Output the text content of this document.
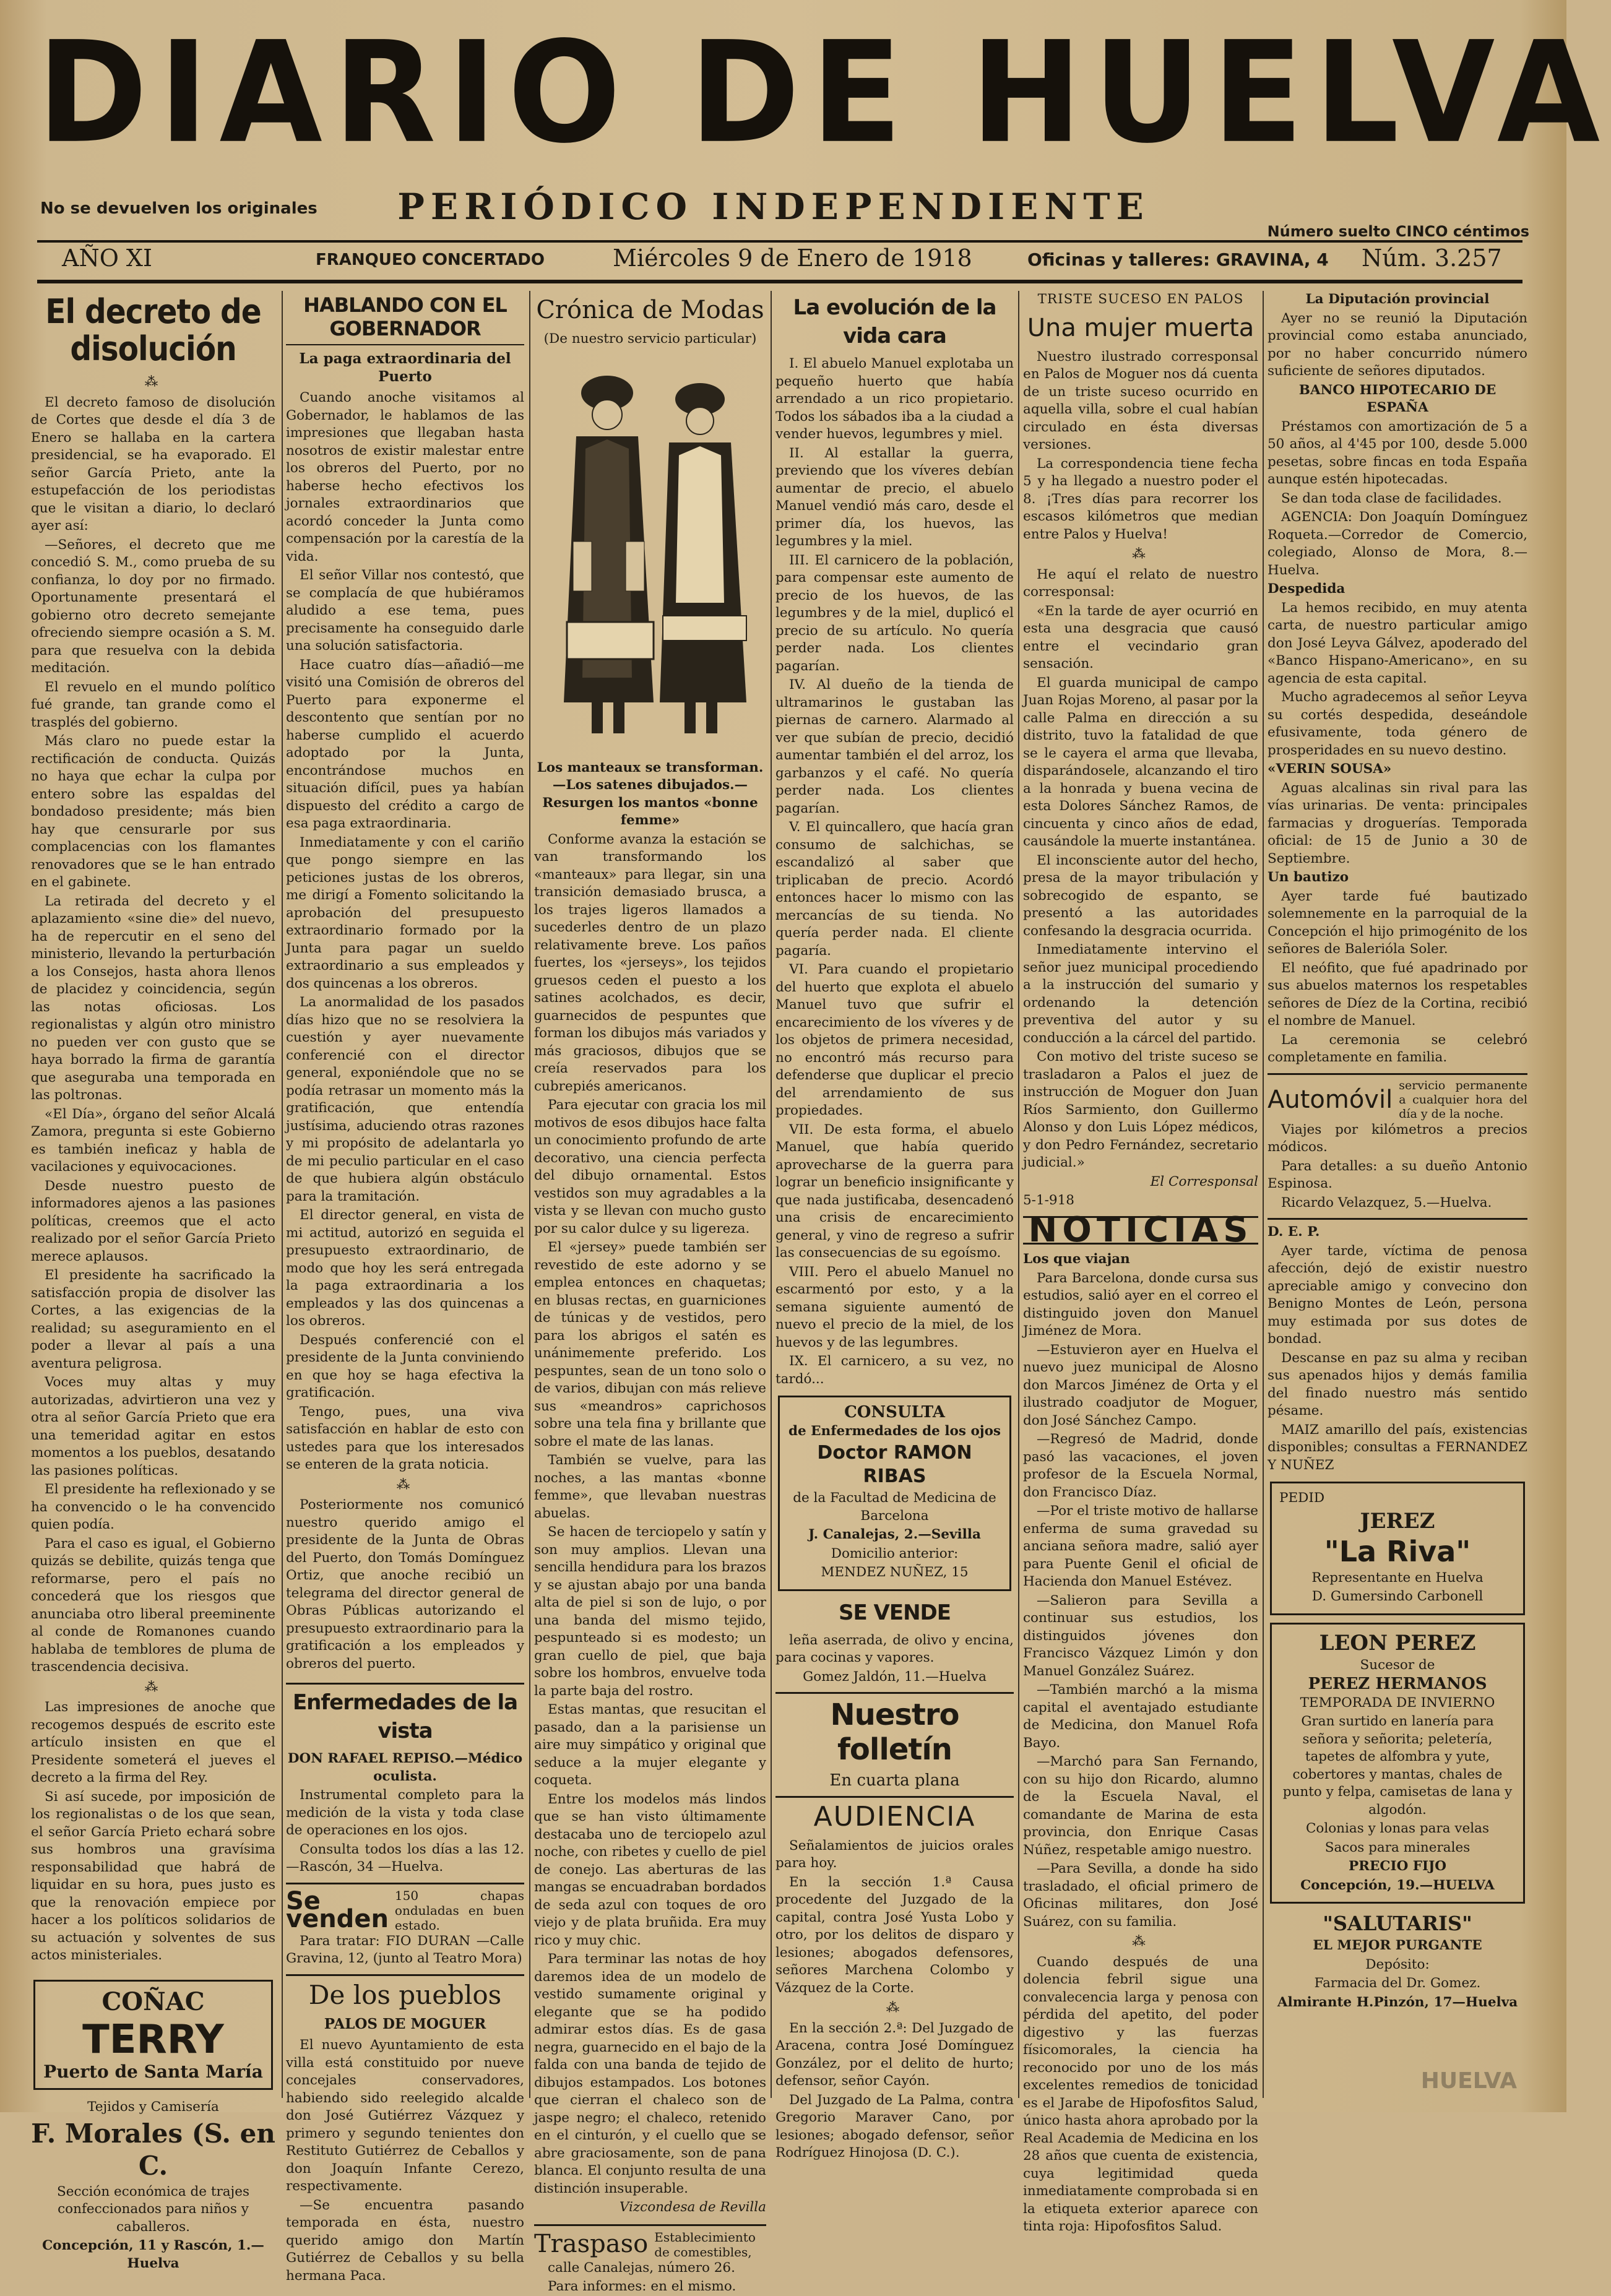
DIARIO DE HUELVA
No se devuelven los originales	PERIÓDICO INDEPENDIENTE
Número suelto CINCO céntimos
AÑO XI	FRANQUEO CONCERTADO	Miércoles 9 de Enero de 1918	Oficinas y talleres: GRAVINA, 4 Núm. 3.257
El decreto de disolución
⁂

El decreto famoso de disolución de Cortes que desde el día 3 de Enero se hallaba en la cartera presidencial, se ha evaporado. El señor García Prieto, ante la estupefacción de los periodistas que le visitan a diario, lo declaró ayer así:

—Señores, el decreto que me concedió S. M., como prueba de su confianza, lo doy por no firmado. Oportunamente presentará el gobierno otro decreto semejante ofreciendo siempre ocasión a S. M. para que resuelva con la debida meditación.

El revuelo en el mundo político fué grande, tan grande como el trasplés del gobierno.

Más claro no puede estar la rectificación de conducta. Quizás no haya que echar la culpa por entero sobre las espaldas del bondadoso presidente; más bien hay que censurarle por sus complacencias con los flamantes renovadores que se le han entrado en el gabinete.

La retirada del decreto y el aplazamiento «sine die» del nuevo, ha de repercutir en el seno del ministerio, llevando la perturbación a los Consejos, hasta ahora llenos de placidez y coincidencia, según las notas oficiosas. Los regionalistas y algún otro ministro no pueden ver con gusto que se haya borrado la firma de garantía que aseguraba una temporada en las poltronas.

«El Día», órgano del señor Alcalá Zamora, pregunta si este Gobierno es también ineficaz y habla de vacilaciones y equivocaciones.

Desde nuestro puesto de informadores ajenos a las pasiones políticas, creemos que el acto realizado por el señor García Prieto merece aplausos.

El presidente ha sacrificado la satisfacción propia de disolver las Cortes, a las exigencias de la realidad; su aseguramiento en el poder a llevar al país a una aventura peligrosa.

Voces muy altas y muy autorizadas, advirtieron una vez y otra al señor García Prieto que era una temeridad agitar en estos momentos a los pueblos, desatando las pasiones políticas.

El presidente ha reflexionado y se ha convencido o le ha convencido quien podía.

Para el caso es igual, el Gobierno quizás se debilite, quizás tenga que reformarse, pero el país no concederá que los riesgos que anunciaba otro liberal preeminente al conde de Romanones cuando hablaba de temblores de pluma de trascendencia decisiva.

⁂

Las impresiones de anoche que recogemos después de escrito este artículo insisten en que el Presidente someterá el jueves el decreto a la firma del Rey.

Si así sucede, por imposición de los regionalistas o de los que sean, el señor García Prieto echará sobre sus hombros una gravísima responsabilidad que habrá de liquidar en su hora, pues justo es que la renovación empiece por hacer a los políticos solidarios de su actuación y solventes de sus actos ministeriales.

COÑAC

TERRY

Puerto de Santa María

Tejidos y Camisería

F. Morales (S. en C.

Sección económica de trajes confeccionados para niños y caballeros.

Concepción, 11 y Rascón, 1.—Huelva

HABLANDO CON EL GOBERNADOR
La paga extraordinaria del Puerto

Cuando anoche visitamos al Gobernador, le hablamos de las impresiones que llegaban hasta nosotros de existir malestar entre los obreros del Puerto, por no haberse hecho efectivos los jornales extraordinarios que acordó conceder la Junta como compensación por la carestía de la vida.

El señor Villar nos contestó, que se complacía de que hubiéramos aludido a ese tema, pues precisamente ha conseguido darle una solución satisfactoria.

Hace cuatro días—añadió—me visitó una Comisión de obreros del Puerto para exponerme el descontento que sentían por no haberse cumplido el acuerdo adoptado por la Junta, encontrándose muchos en situación difícil, pues ya habían dispuesto del crédito a cargo de esa paga extraordinaria.

Inmediatamente y con el cariño que pongo siempre en las peticiones justas de los obreros, me dirigí a Fomento solicitando la aprobación del presupuesto extraordinario formado por la Junta para pagar un sueldo extraordinario a sus empleados y dos quincenas a los obreros.

La anormalidad de los pasados días hizo que no se resolviera la cuestión y ayer nuevamente conferencié con el director general, exponiéndole que no se podía retrasar un momento más la gratificación, que entendía justísima, aduciendo otras razones y mi propósito de adelantarla yo de mi peculio particular en el caso de que hubiera algún obstáculo para la tramitación.

El director general, en vista de mi actitud, autorizó en seguida el presupuesto extraordinario, de modo que hoy les será entregada la paga extraordinaria a los empleados y las dos quincenas a los obreros.

Después conferencié con el presidente de la Junta conviniendo en que hoy se haga efectiva la gratificación.

Tengo, pues, una viva satisfacción en hablar de esto con ustedes para que los interesados se enteren de la grata noticia.

⁂

Posteriormente nos comunicó nuestro querido amigo el presidente de la Junta de Obras del Puerto, don Tomás Domínguez Ortiz, que anoche recibió un telegrama del director general de Obras Públicas autorizando el presupuesto extraordinario para la gratificación a los empleados y obreros del puerto.

Enfermedades de la vista

DON RAFAEL REPISO.—Médico oculista.

Instrumental completo para la medición de la vista y toda clase de operaciones en los ojos.

Consulta todos los días a las 12.—Rascón, 34 —Huelva.

Se venden
150 chapas onduladas en buen estado.

Para tratar: FIO DURAN —Calle Gravina, 12, (junto al Teatro Mora)

De los pueblos
PALOS DE MOGUER

El nuevo Ayuntamiento de esta villa está constituido por nueve concejales conservadores, habiendo sido reelegido alcalde don José Gutiérrez Vázquez y primero y segundo tenientes don Restituto Gutiérrez de Ceballos y don Joaquín Infante Cerezo, respectivamente.

—Se encuentra pasando temporada en ésta, nuestro querido amigo don Martín Gutiérrez de Ceballos y su bella hermana Paca.

Crónica de Modas

(De nuestro servicio particular)

Los manteaux se transforman.—Los satenes dibujados.—Resurgen los mantos «bonne femme»

Conforme avanza la estación se van transformando los «manteaux» para llegar, sin una transición demasiado brusca, a los trajes ligeros llamados a sucederles dentro de un plazo relativamente breve. Los paños fuertes, los «jerseys», los tejidos gruesos ceden el puesto a los satines acolchados, es decir, guarnecidos de pespuntes que forman los dibujos más variados y más graciosos, dibujos que se creía reservados para los cubrepiés americanos.

Para ejecutar con gracia los mil motivos de esos dibujos hace falta un conocimiento profundo de arte decorativo, una ciencia perfecta del dibujo ornamental. Estos vestidos son muy agradables a la vista y se llevan con mucho gusto por su calor dulce y su ligereza.

El «jersey» puede también ser revestido de este adorno y se emplea entonces en chaquetas; en blusas rectas, en guarniciones de túnicas y de vestidos, pero para los abrigos el satén es unánimemente preferido. Los pespuntes, sean de un tono solo o de varios, dibujan con más relieve sus «meandros» caprichosos sobre una tela fina y brillante que sobre el mate de las lanas.

También se vuelve, para las noches, a las mantas «bonne femme», que llevaban nuestras abuelas.

Se hacen de terciopelo y satín y son muy amplios. Llevan una sencilla hendidura para los brazos y se ajustan abajo por una banda alta de piel si son de lujo, o por una banda del mismo tejido, pespunteado si es modesto; un gran cuello de piel, que baja sobre los hombros, envuelve toda la parte baja del rostro.

Estas mantas, que resucitan el pasado, dan a la parisiense un aire muy simpático y original que seduce a la mujer elegante y coqueta.

Entre los modelos más lindos que se han visto últimamente destacaba uno de terciopelo azul noche, con ribetes y cuello de piel de conejo. Las aberturas de las mangas se encuadraban bordados de seda azul con toques de oro viejo y de plata bruñida. Era muy rico y muy chic.

Para terminar las notas de hoy daremos idea de un modelo de vestido sumamente original y elegante que se ha podido admirar estos días. Es de gasa negra, guarnecido en el bajo de la falda con una banda de tejido de dibujos estampados. Los botones que cierran el chaleco son de jaspe negro; el chaleco, retenido en el cinturón, y el cuello que se abre graciosamente, son de pana blanca. El conjunto resulta de una distinción insuperable.

Vizcondesa de Revilla

Traspaso Establecimiento de comestibles,

calle Canalejas, número 26.

Para informes: en el mismo.

La evolución de la vida cara

I. El abuelo Manuel explotaba un pequeño huerto que había arrendado a un rico propietario. Todos los sábados iba a la ciudad a vender huevos, legumbres y miel.

II. Al estallar la guerra, previendo que los víveres debían aumentar de precio, el abuelo Manuel vendió más caro, desde el primer día, los huevos, las legumbres y la miel.

III. El carnicero de la población, para compensar este aumento de precio de los huevos, de las legumbres y de la miel, duplicó el precio de su artículo. No quería perder nada. Los clientes pagarían.

IV. Al dueño de la tienda de ultramarinos le gustaban las piernas de carnero. Alarmado al ver que subían de precio, decidió aumentar también el del arroz, los garbanzos y el café. No quería perder nada. Los clientes pagarían.

V. El quincallero, que hacía gran consumo de salchichas, se escandalizó al saber que triplicaban de precio. Acordó entonces hacer lo mismo con las mercancías de su tienda. No quería perder nada. El cliente pagaría.

VI. Para cuando el propietario del huerto que explota el abuelo Manuel tuvo que sufrir el encarecimiento de los víveres y de los objetos de primera necesidad, no encontró más recurso para defenderse que duplicar el precio del arrendamiento de sus propiedades.

VII. De esta forma, el abuelo Manuel, que había querido aprovecharse de la guerra para lograr un beneficio insignificante y que nada justificaba, desencadenó una crisis de encarecimiento general, y vino de regreso a sufrir las consecuencias de su egoísmo.

VIII. Pero el abuelo Manuel no escarmentó por esto, y a la semana siguiente aumentó de nuevo el precio de la miel, de los huevos y de las legumbres.

IX. El carnicero, a su vez, no tardó...

CONSULTA

de Enfermedades de los ojos

Doctor RAMON RIBAS

de la Facultad de Medicina de Barcelona

J. Canalejas, 2.—Sevilla

Domicilio anterior:

MENDEZ NUÑEZ, 15

SE VENDE

leña aserrada, de olivo y encina, para cocinas y vapores.

Gomez Jaldón, 11.—Huelva

Nuestro folletín

En cuarta plana

AUDIENCIA

Señalamientos de juicios orales para hoy.

En la sección 1.ª Causa procedente del Juzgado de la capital, contra José Yusta Lobo y otro, por los delitos de disparo y lesiones; abogados defensores, señores Marchena Colombo y Vázquez de la Corte.

⁂

En la sección 2.ª: Del Juzgado de Aracena, contra José Domínguez González, por el delito de hurto; defensor, señor Cayón.

Del Juzgado de La Palma, contra Gregorio Maraver Cano, por lesiones; abogado defensor, señor Rodríguez Hinojosa (D. C.).

TRISTE SUCESO EN PALOS

Una mujer muerta

Nuestro ilustrado corresponsal en Palos de Moguer nos dá cuenta de un triste suceso ocurrido en aquella villa, sobre el cual habían circulado en ésta diversas versiones.

La correspondencia tiene fecha 5 y ha llegado a nuestro poder el 8. ¡Tres días para recorrer los escasos kilómetros que median entre Palos y Huelva!

⁂

He aquí el relato de nuestro corresponsal:

«En la tarde de ayer ocurrió en esta una desgracia que causó entre el vecindario gran sensación.

El guarda municipal de campo Juan Rojas Moreno, al pasar por la calle Palma en dirección a su distrito, tuvo la fatalidad de que se le cayera el arma que llevaba, disparándosele, alcanzando el tiro a la honrada y buena vecina de esta Dolores Sánchez Ramos, de cincuenta y cinco años de edad, causándole la muerte instantánea.

El inconsciente autor del hecho, presa de la mayor tribulación y sobrecogido de espanto, se presentó a las autoridades confesando la desgracia ocurrida.

Inmediatamente intervino el señor juez municipal procediendo a la instrucción del sumario y ordenando la detención preventiva del autor y su conducción a la cárcel del partido.

Con motivo del triste suceso se trasladaron a Palos el juez de instrucción de Moguer don Juan Ríos Sarmiento, don Guillermo Alonso y don Luis López médicos, y don Pedro Fernández, secretario judicial.»

El Corresponsal

5-1-918

NOTICIAS

Los que viajan

Para Barcelona, donde cursa sus estudios, salió ayer en el correo el distinguido joven don Manuel Jiménez de Mora.

—Estuvieron ayer en Huelva el nuevo juez municipal de Alosno don Marcos Jiménez de Orta y el ilustrado coadjutor de Moguer, don José Sánchez Campo.

—Regresó de Madrid, donde pasó las vacaciones, el joven profesor de la Escuela Normal, don Francisco Díaz.

—Por el triste motivo de hallarse enferma de suma gravedad su anciana señora madre, salió ayer para Puente Genil el oficial de Hacienda don Manuel Estévez.

—Salieron para Sevilla a continuar sus estudios, los distinguidos jóvenes don Francisco Vázquez Limón y don Manuel González Suárez.

—También marchó a la misma capital el aventajado estudiante de Medicina, don Manuel Rofa Bayo.

—Marchó para San Fernando, con su hijo don Ricardo, alumno de la Escuela Naval, el comandante de Marina de esta provincia, don Enrique Casas Núñez, respetable amigo nuestro.

—Para Sevilla, a donde ha sido trasladado, el oficial primero de Oficinas militares, don José Suárez, con su familia.

⁂

Cuando después de una dolencia febril sigue una convalecencia larga y penosa con pérdida del apetito, del poder digestivo y las fuerzas físicomorales, la ciencia ha reconocido por uno de los más excelentes remedios de tonicidad es el Jarabe de Hipofosfitos Salud, único hasta ahora aprobado por la Real Academia de Medicina en los 28 años que cuenta de existencia, cuya legitimidad queda inmediatamente comprobada si en la etiqueta exterior aparece con tinta roja: Hipofosfitos Salud.

La Diputación provincial

Ayer no se reunió la Diputación provincial como estaba anunciado, por no haber concurrido número suficiente de señores diputados.

BANCO HIPOTECARIO DE ESPAÑA

Préstamos con amortización de 5 a 50 años, al 4'45 por 100, desde 5.000 pesetas, sobre fincas en toda España aunque estén hipotecadas.

Se dan toda clase de facilidades.

AGENCIA: Don Joaquín Domínguez Roqueta.—Corredor de Comercio, colegiado, Alonso de Mora, 8.—Huelva.

Despedida

La hemos recibido, en muy atenta carta, de nuestro particular amigo don José Leyva Gálvez, apoderado del «Banco Hispano-Americano», en su agencia de esta capital.

Mucho agradecemos al señor Leyva su cortés despedida, deseándole efusivamente, toda género de prosperidades en su nuevo destino.

«VERIN SOUSA»

Aguas alcalinas sin rival para las vías urinarias. De venta: principales farmacias y droguerías. Temporada oficial: de 15 de Junio a 30 de Septiembre.

Un bautizo

Ayer tarde fué bautizado solemnemente en la parroquial de la Concepción el hijo primogénito de los señores de Balerióla Soler.

El neófito, que fué apadrinado por sus abuelos maternos los respetables señores de Díez de la Cortina, recibió el nombre de Manuel.

La ceremonia se celebró completamente en familia.

Automóvil
servicio permanente a cualquier hora del día y de la noche.

Viajes por kilómetros a precios módicos.

Para detalles: a su dueño Antonio Espinosa.

Ricardo Velazquez, 5.—Huelva.

D. E. P.

Ayer tarde, víctima de penosa afección, dejó de existir nuestro apreciable amigo y convecino don Benigno Montes de León, persona muy estimada por sus dotes de bondad.

Descanse en paz su alma y reciban sus apenados hijos y demás familia del finado nuestro más sentido pésame.

MAIZ amarillo del país, existencias disponibles; consultas a FERNANDEZ Y NUÑEZ

PEDID

JEREZ

"La Riva"

Representante en Huelva

D. Gumersindo Carbonell

LEON PEREZ

Sucesor de

PEREZ HERMANOS

TEMPORADA DE INVIERNO

Gran surtido en lanería para señora y señorita; peletería, tapetes de alfombra y yute, cobertores y mantas, chales de punto y felpa, camisetas de lana y algodón.

Colonias y lonas para velas

Sacos para minerales

PRECIO FIJO

Concepción, 19.—HUELVA

"SALUTARIS"

EL MEJOR PURGANTE

Depósito:

Farmacia del Dr. Gomez.

Almirante H.Pinzón, 17—Huelva

HUELVA
